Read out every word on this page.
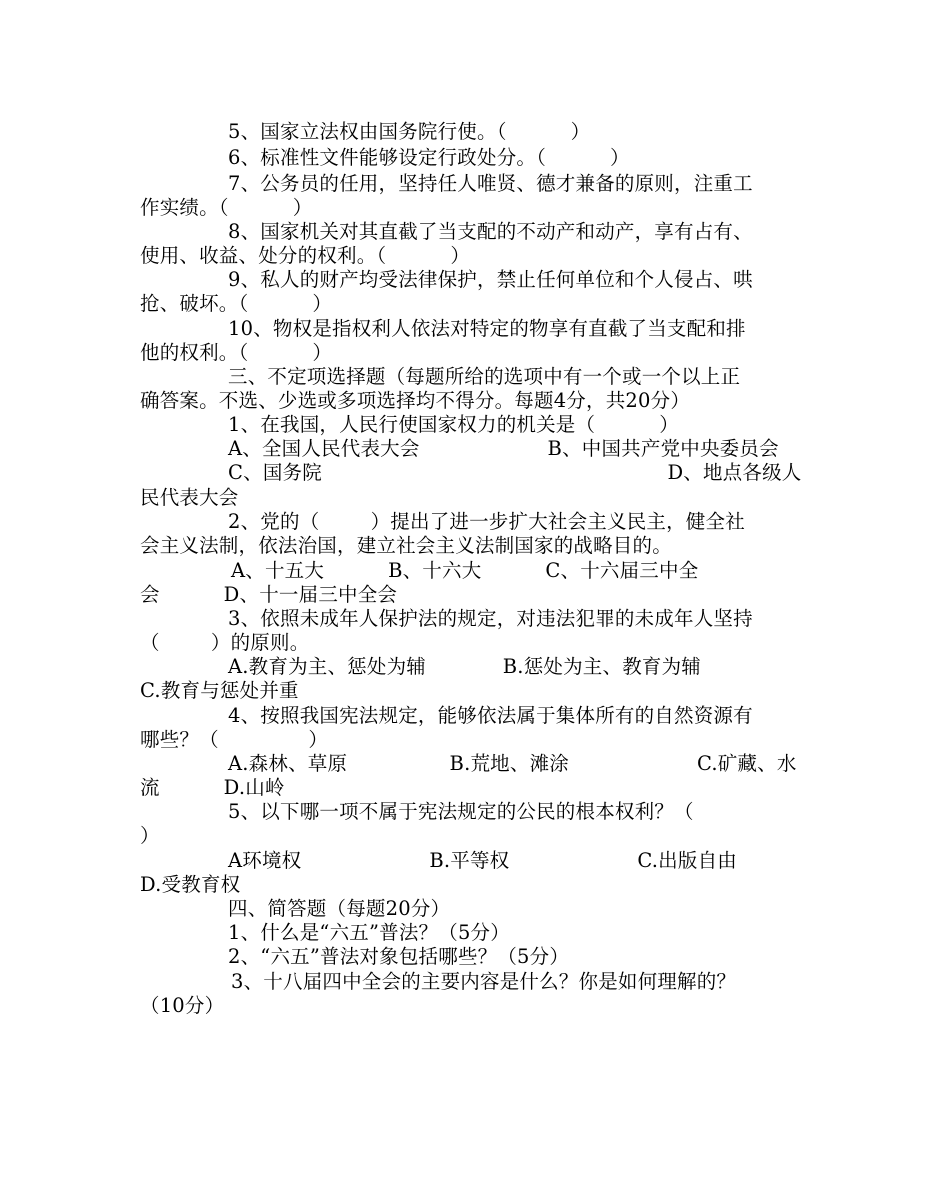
5、国家立法权由国务院行使。（          ）
6、标准性文件能够设定行政处分。（          ）
7、公务员的任用，坚持任人唯贤、德才兼备的原则，注重工
作实绩。（          ）
8、国家机关对其直截了当支配的不动产和动产，享有占有、
使用、收益、处分的权利。（          ）
9、私人的财产均受法律保护，禁止任何单位和个人侵占、哄
抢、破坏。（          ）
10、物权是指权利人依法对特定的物享有直截了当支配和排
他的权利。（          ）
三、不定项选择题（每题所给的选项中有一个或一个以上正
确答案。不选、少选或多项选择均不得分。每题4分，共20分）
1、在我国，人民行使国家权力的机关是（          ）
A、全国人民代表大会                    B、中国共产党中央委员会
C、国务院                                                      D、地点各级人
民代表大会
2、党的（        ）提出了进一步扩大社会主义民主，健全社
会主义法制，依法治国，建立社会主义法制国家的战略目的。
A、十五大          B、十六大          C、十六届三中全
会          D、十一届三中全会
3、依照未成年人保护法的规定，对违法犯罪的未成年人坚持
（        ）的原则。
A.教育为主、惩处为辅            B.惩处为主、教育为辅
C.教育与惩处并重
4、按照我国宪法规定，能够依法属于集体所有的自然资源有
哪些？（              ）
A.森林、草原                B.荒地、滩涂                    C.矿藏、水
流          D.山岭
5、以下哪一项不属于宪法规定的公民的根本权利？（
）
A环境权                    B.平等权                    C.出版自由
D.受教育权
四、简答题（每题20分）
1、什么是“六五”普法？（5分）
2、“六五”普法对象包括哪些？（5分）
3、十八届四中全会的主要内容是什么？你是如何理解的？
（10分）
